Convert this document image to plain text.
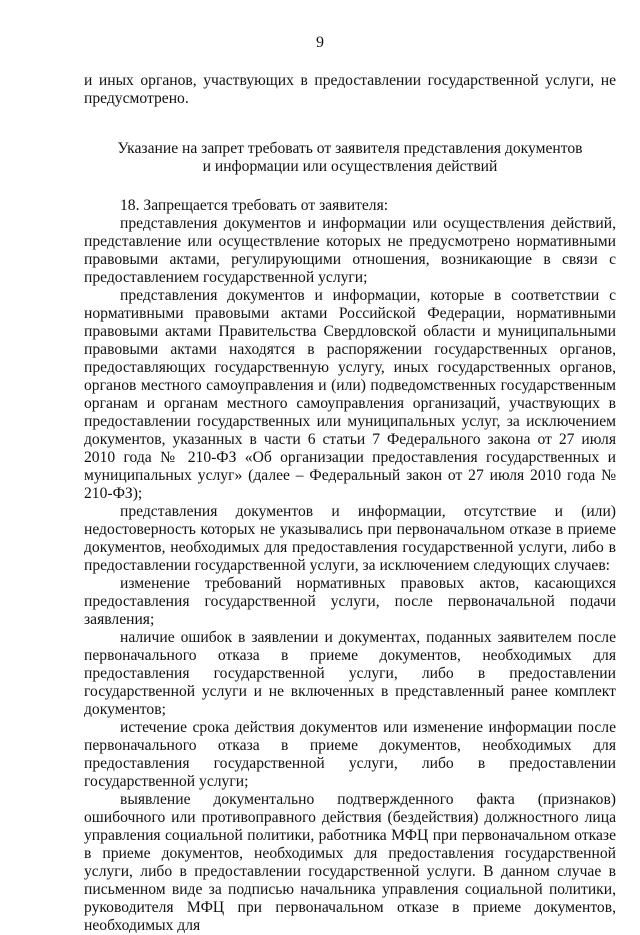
9

и иных органов, участвующих в предоставлении государственной услуги, не предусмотрено.

Указание на запрет требовать от заявителя представления документов
и информации или осуществления действий

18. Запрещается требовать от заявителя:

представления документов и информации или осуществления действий, представление или осуществление которых не предусмотрено нормативными правовыми актами, регулирующими отношения, возникающие в связи с предоставлением государственной услуги;

представления документов и информации, которые в соответствии с нормативными правовыми актами Российской Федерации, нормативными правовыми актами Правительства Свердловской области и муниципальными правовыми актами находятся в распоряжении государственных органов, предоставляющих государственную услугу, иных государственных органов, органов местного самоуправления и (или) подведомственных государственным органам и органам местного самоуправления организаций, участвующих в предоставлении государственных или муниципальных услуг, за исключением документов, указанных в части 6 статьи 7 Федерального закона от 27 июля 2010 года № 210-ФЗ «Об организации предоставления государственных и муниципальных услуг» (далее – Федеральный закон от 27 июля 2010 года № 210-ФЗ);

представления документов и информации, отсутствие и (или) недостоверность которых не указывались при первоначальном отказе в приеме документов, необходимых для предоставления государственной услуги, либо в предоставлении государственной услуги, за исключением следующих случаев:

изменение требований нормативных правовых актов, касающихся предоставления государственной услуги, после первоначальной подачи заявления;

наличие ошибок в заявлении и документах, поданных заявителем после первоначального отказа в приеме документов, необходимых для предоставления государственной услуги, либо в предоставлении государственной услуги и не включенных в представленный ранее комплект документов;

истечение срока действия документов или изменение информации после первоначального отказа в приеме документов, необходимых для предоставления государственной услуги, либо в предоставлении государственной услуги;

выявление документально подтвержденного факта (признаков) ошибочного или противоправного действия (бездействия) должностного лица управления социальной политики, работника МФЦ при первоначальном отказе в приеме документов, необходимых для предоставления государственной услуги, либо в предоставлении государственной услуги. В данном случае в письменном виде за подписью начальника управления социальной политики, руководителя МФЦ при первоначальном отказе в приеме документов, необходимых для
